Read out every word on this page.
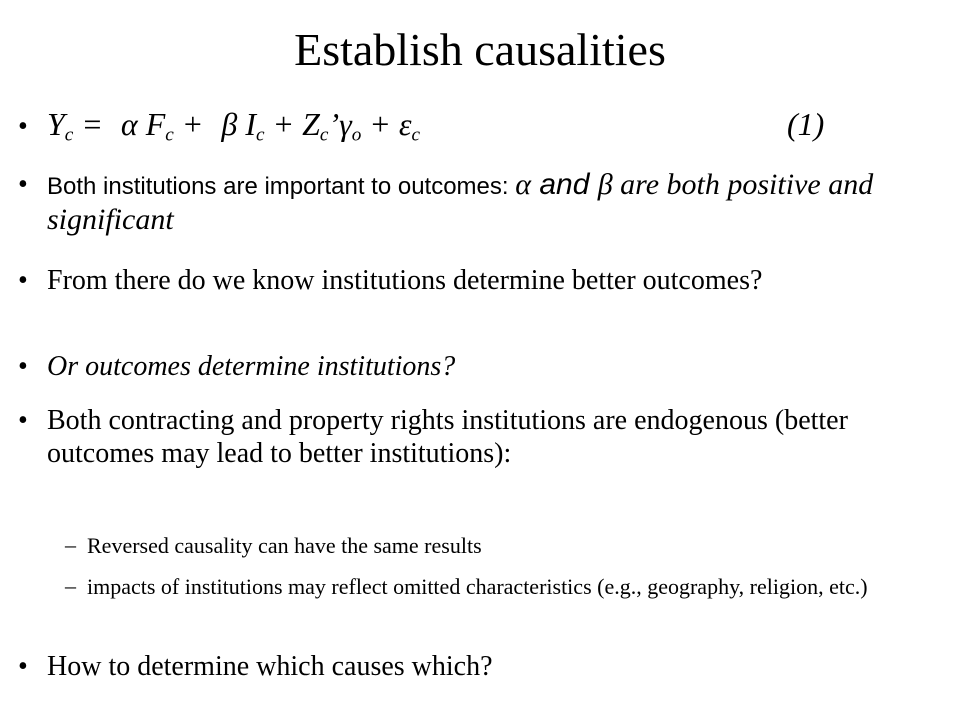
Establish causalities
• $Y_c = \alpha$ $F_c + \beta$ $I_c$ + $Z_c’\gamma_o + \varepsilon_c$	(1)
• Both institutions are important to outcomes: α and β are both positive and significant
• From there do we know institutions determine better outcomes?
• Or outcomes determine institutions?
• Both contracting and property rights institutions are endogenous (better outcomes may lead to better institutions):
– Reversed causality can have the same results
– impacts of institutions may reflect omitted characteristics (e.g., geography, religion, etc.)
• How to determine which causes which?
